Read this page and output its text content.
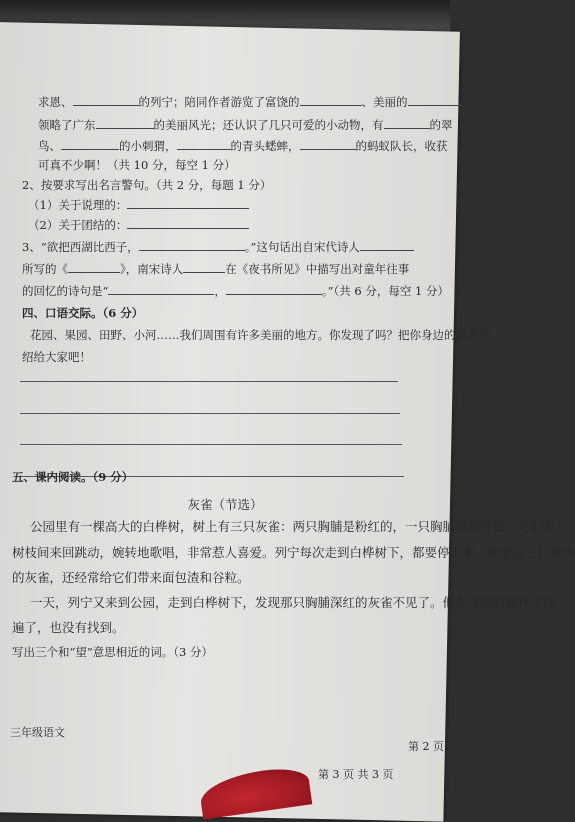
求恩、	的列宁；陪同作者游览了富饶的	、美丽的
领略了广东	的美丽风光；还认识了几只可爱的小动物，有	的翠
鸟、	的小刺猬，	的青头蟋蟀，	的蚂蚁队长，收获
可真不少啊！（共 10 分，每空 1 分）
2、按要求写出名言警句。（共 2 分，每题 1 分）
（1）关于说理的：
（2）关于团结的：
3、“欲把西湖比西子，	。”这句话出自宋代诗人
所写的《	》，南宋诗人	在《夜书所见》中描写出对童年往事
的回忆的诗句是“	，	。”（共 6 分，每空 1 分）
四、口语交际。（6 分）
花园、果园、田野、小河……我们周围有许多美丽的地方。你发现了吗？把你身边的美景介
绍给大家吧！
五、课内阅读。（9 分）
灰雀（节选）
公园里有一棵高大的白桦树，树上有三只灰雀：两只胸脯是粉红的，一只胸脯是深红的。它们在
树枝间来回跳动，婉转地歌唱，非常惹人喜爱。列宁每次走到白桦树下，都要停下来，仰望这三只欢快
的灰雀，还经常给它们带来面包渣和谷粒。
一天，列宁又来到公园，走到白桦树下，发现那只胸脯深红的灰雀不见了。他在周围的树林中找
遍了，也没有找到。
写出三个和“望”意思相近的词。（3 分）
三年级语文
第 2 页
第 3 页 共 3 页
